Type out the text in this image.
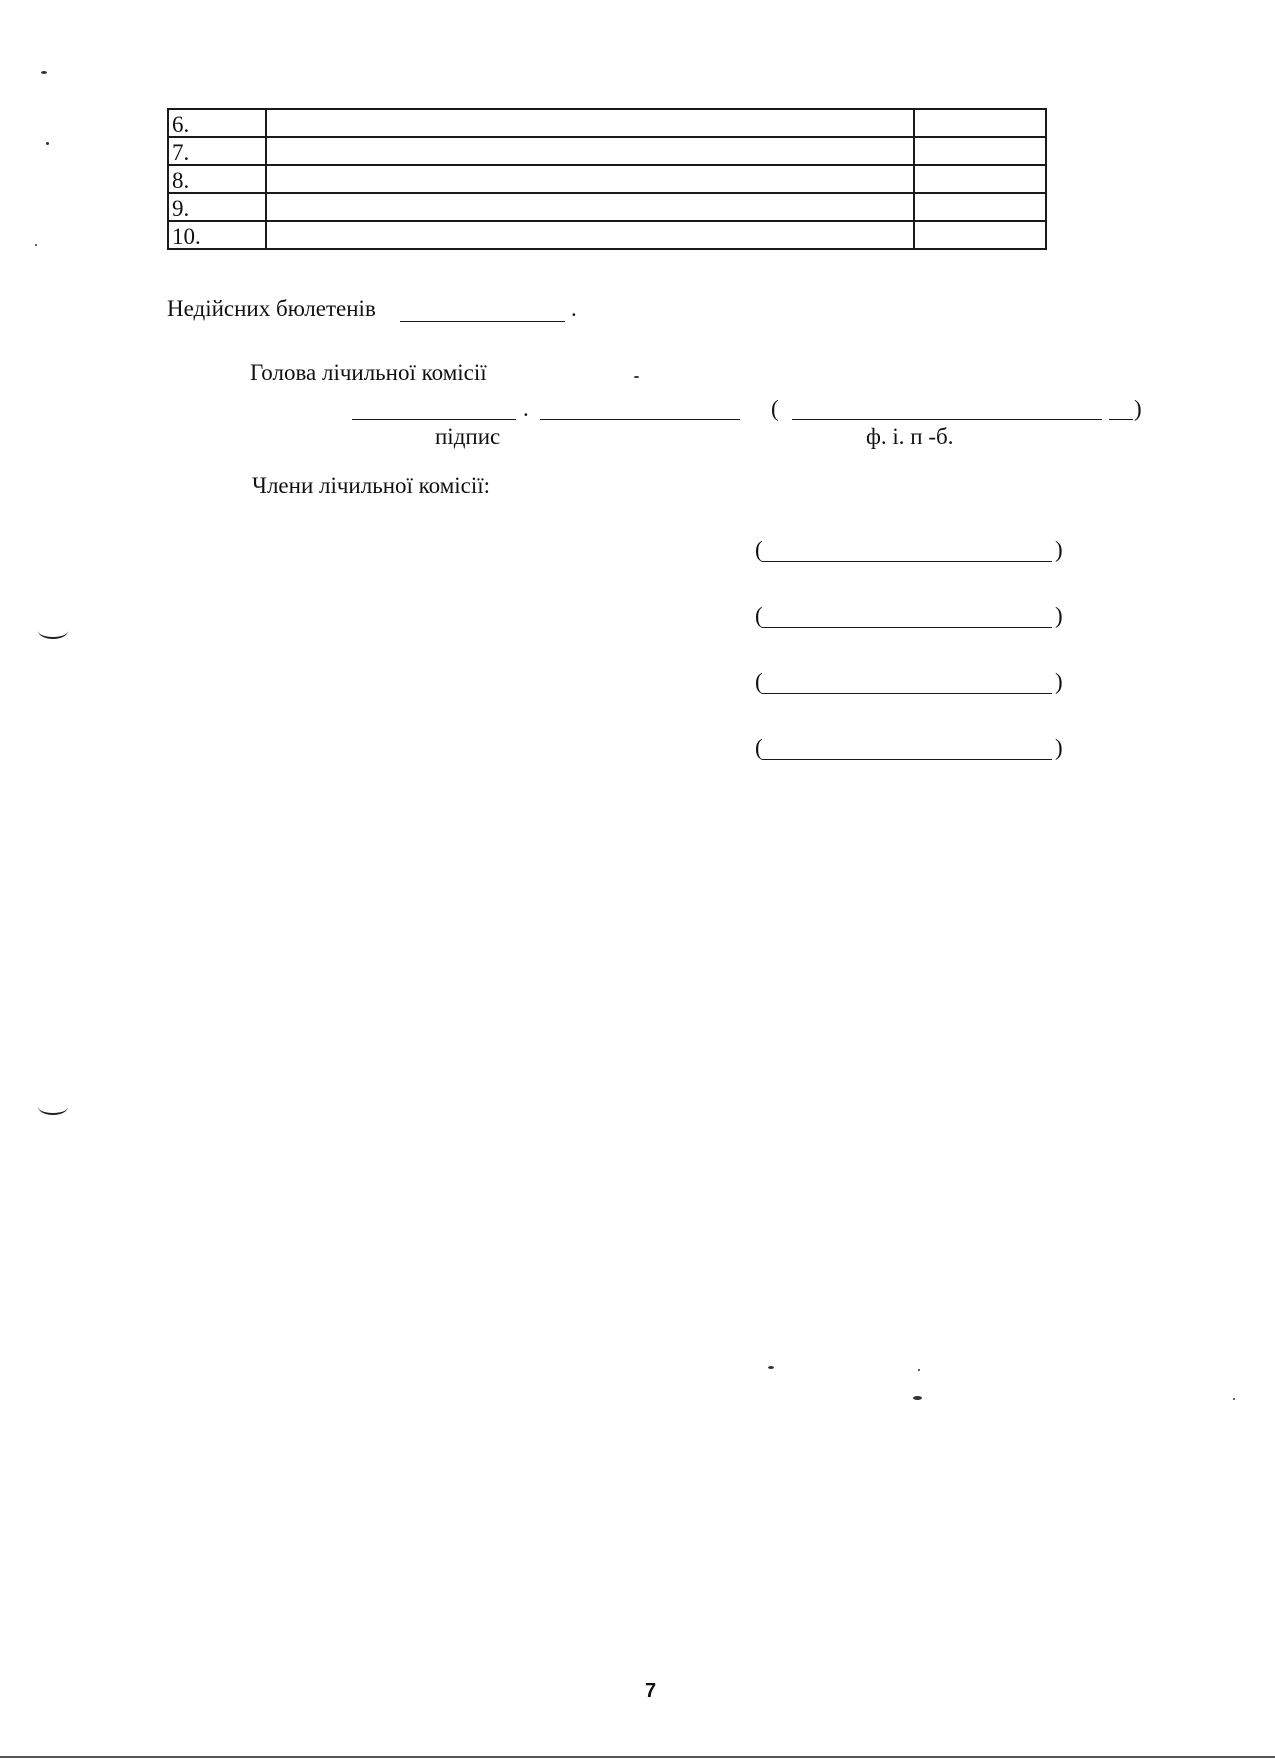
6.		
7.		
8.		
9.		
10.		
Недійсних бюлетенів	.
Голова лічильної комісії
.	(	)
підпис	ф. і. п -б.
Члени лічильної комісії:
(	)
(	)
(	)
(	)
7
